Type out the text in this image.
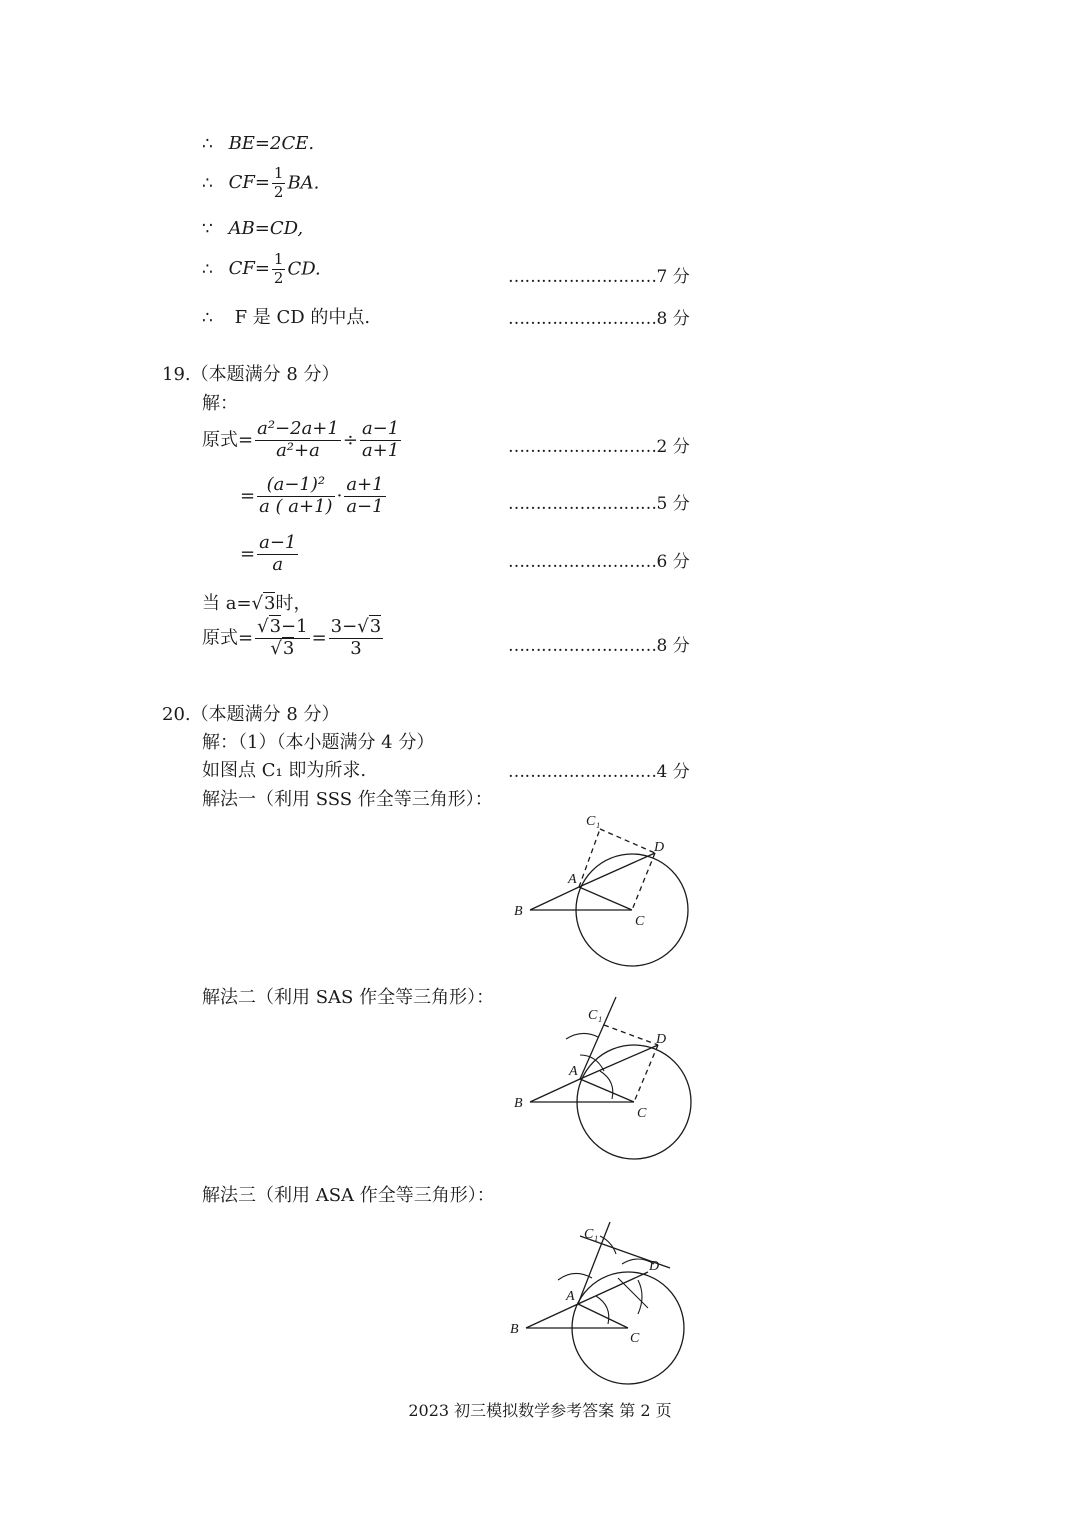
∴ BE=2CE.
∴ $CF= \frac{1}{2}$ BA.
∵ AB=CD,
∴ $CF= \frac{1}{2}$ CD.	………………………7 分
∴ F 是 CD 的中点.	………………………8 分
19.（本题满分 8 分）
解：
原式= $\frac{\text{a²−2a+1}}{\text{a²+a}} \div \frac{a-1}{a+1}$	………………………2 分
= $\frac{\text{(a−1)²}}{a ( a+1)} \cdot \frac{a+1}{a-1}$	………………………5 分
= $\frac{a-1}{a}$	………………………6 分
当 a=√3时，
原式= $\frac{√3-1}{√3} = \frac{3-√3}{3}$	………………………8 分
20.（本题满分 8 分）
解：（1）（本小题满分 4 分）
如图点 C₁ 即为所求.	………………………4 分
解法一（利用 SSS 作全等三角形）：
C₁
D
A
B
C
解法二（利用 SAS 作全等三角形）：
C₁
D
A
B
C
解法三（利用 ASA 作全等三角形）：
C₁
D
A
B
C
2023 初三模拟数学参考答案 第 2 页
